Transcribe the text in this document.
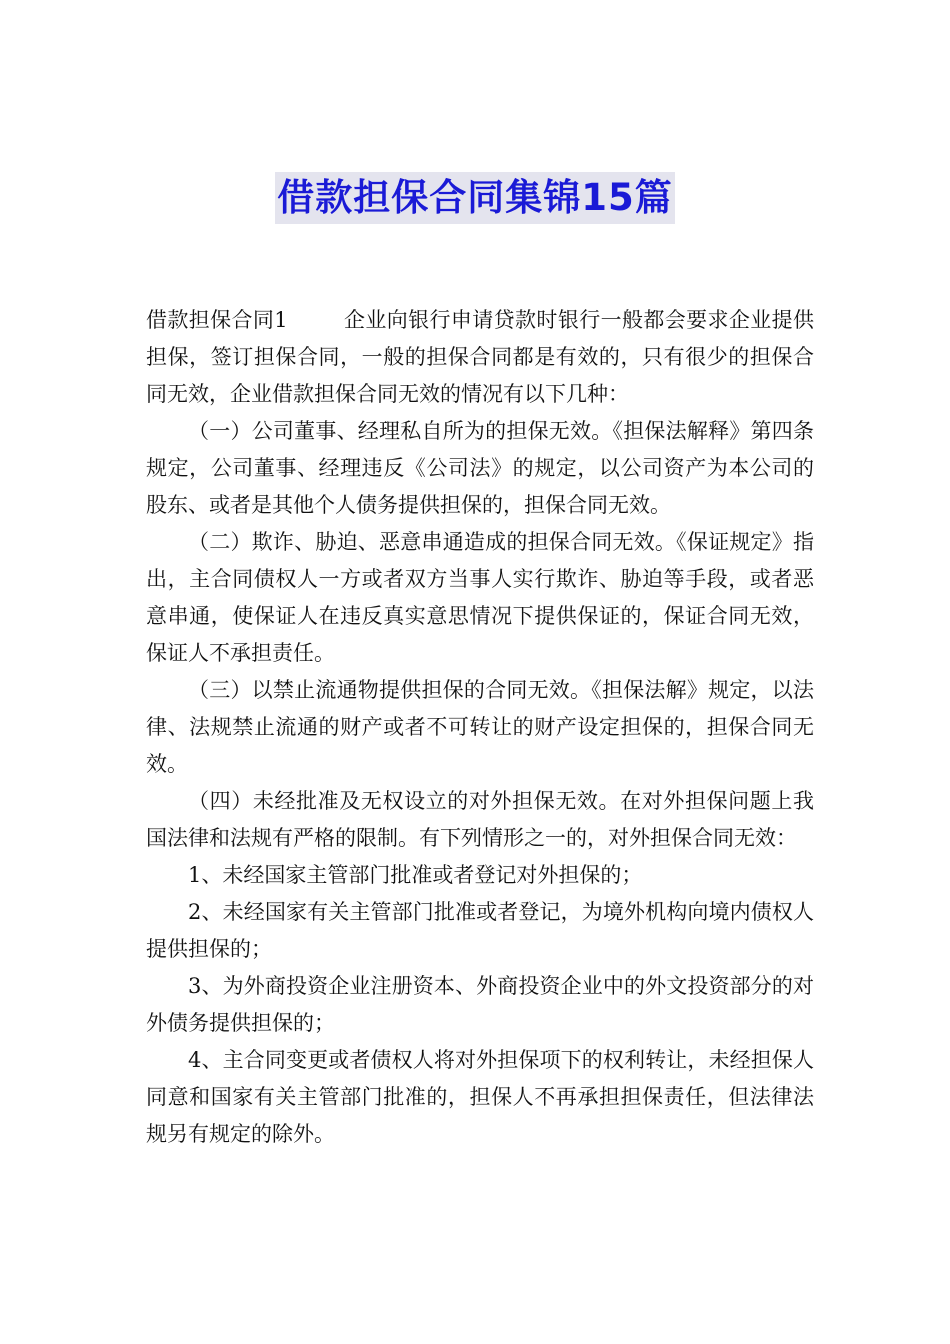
借款担保合同集锦15篇

借款担保合同1	企业向银行申请贷款时银行一般都会要求企业提供担保，签订担保合同，一般的担保合同都是有效的，只有很少的担保合同无效，企业借款担保合同无效的情况有以下几种：

（一）公司董事、经理私自所为的担保无效。《担保法解释》第四条规定，公司董事、经理违反《公司法》的规定，以公司资产为本公司的股东、或者是其他个人债务提供担保的，担保合同无效。

（二）欺诈、胁迫、恶意串通造成的担保合同无效。《保证规定》指出，主合同债权人一方或者双方当事人实行欺诈、胁迫等手段，或者恶意串通，使保证人在违反真实意思情况下提供保证的，保证合同无效，保证人不承担责任。

（三）以禁止流通物提供担保的合同无效。《担保法解》规定，以法律、法规禁止流通的财产或者不可转让的财产设定担保的，担保合同无效。

（四）未经批准及无权设立的对外担保无效。在对外担保问题上我国法律和法规有严格的限制。有下列情形之一的，对外担保合同无效：

1、未经国家主管部门批准或者登记对外担保的；

2、未经国家有关主管部门批准或者登记，为境外机构向境内债权人提供担保的；

3、为外商投资企业注册资本、外商投资企业中的外文投资部分的对外债务提供担保的；

4、主合同变更或者债权人将对外担保项下的权利转让，未经担保人同意和国家有关主管部门批准的，担保人不再承担担保责任，但法律法规另有规定的除外。
